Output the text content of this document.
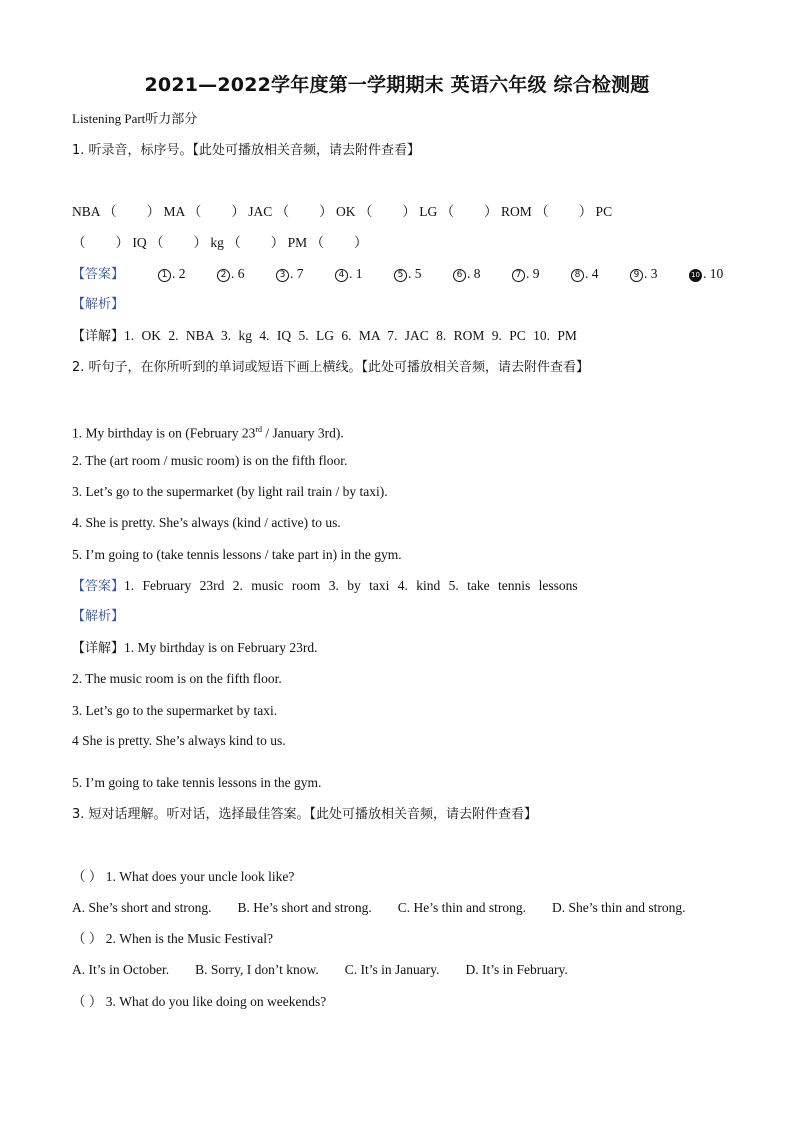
2021—2022学年度第一学期期末 英语六年级 综合检测题
Listening Part听力部分
1. 听录音，标序号。【此处可播放相关音频，请去附件查看】
NBA （ ） MA （ ） JAC （ ） OK （ ） LG （ ） ROM （ ） PC
（ ） IQ （ ） kg （ ） PM （ ）
【答案】	1 . 2	2 . 6	3 . 7	4 . 1	5 . 5	6 . 8	7 . 9	8 . 4	9 . 3	10 . 10
【解析】
【详解】1. OK 2. NBA 3. kg 4. IQ 5. LG 6. MA 7. JAC 8. ROM 9. PC 10. PM
2. 听句子，在你所听到的单词或短语下画上横线。【此处可播放相关音频，请去附件查看】
1. My birthday is on (February 23rd / January 3rd).
2. The (art room / music room) is on the fifth floor.
3. Let’s go to the supermarket (by light rail train / by taxi).
4. She is pretty. She’s always (kind / active) to us.
5. I’m going to (take tennis lessons / take part in) in the gym.
【答案】1. February 23rd 2. music room 3. by taxi 4. kind 5. take tennis lessons
【解析】
【详解】1. My birthday is on February 23rd.
2. The music room is on the fifth floor.
3. Let’s go to the supermarket by taxi.
4 She is pretty. She’s always kind to us.
5. I’m going to take tennis lessons in the gym.
3. 短对话理解。听对话，选择最佳答案。【此处可播放相关音频，请去附件查看】
（ ） 1. What does your uncle look like?
A. She’s short and strong. B. He’s short and strong. C. He’s thin and strong. D. She’s thin and strong.
（ ） 2. When is the Music Festival?
A. It’s in October. B. Sorry, I don’t know. C. It’s in January. D. It’s in February.
（ ） 3. What do you like doing on weekends?
